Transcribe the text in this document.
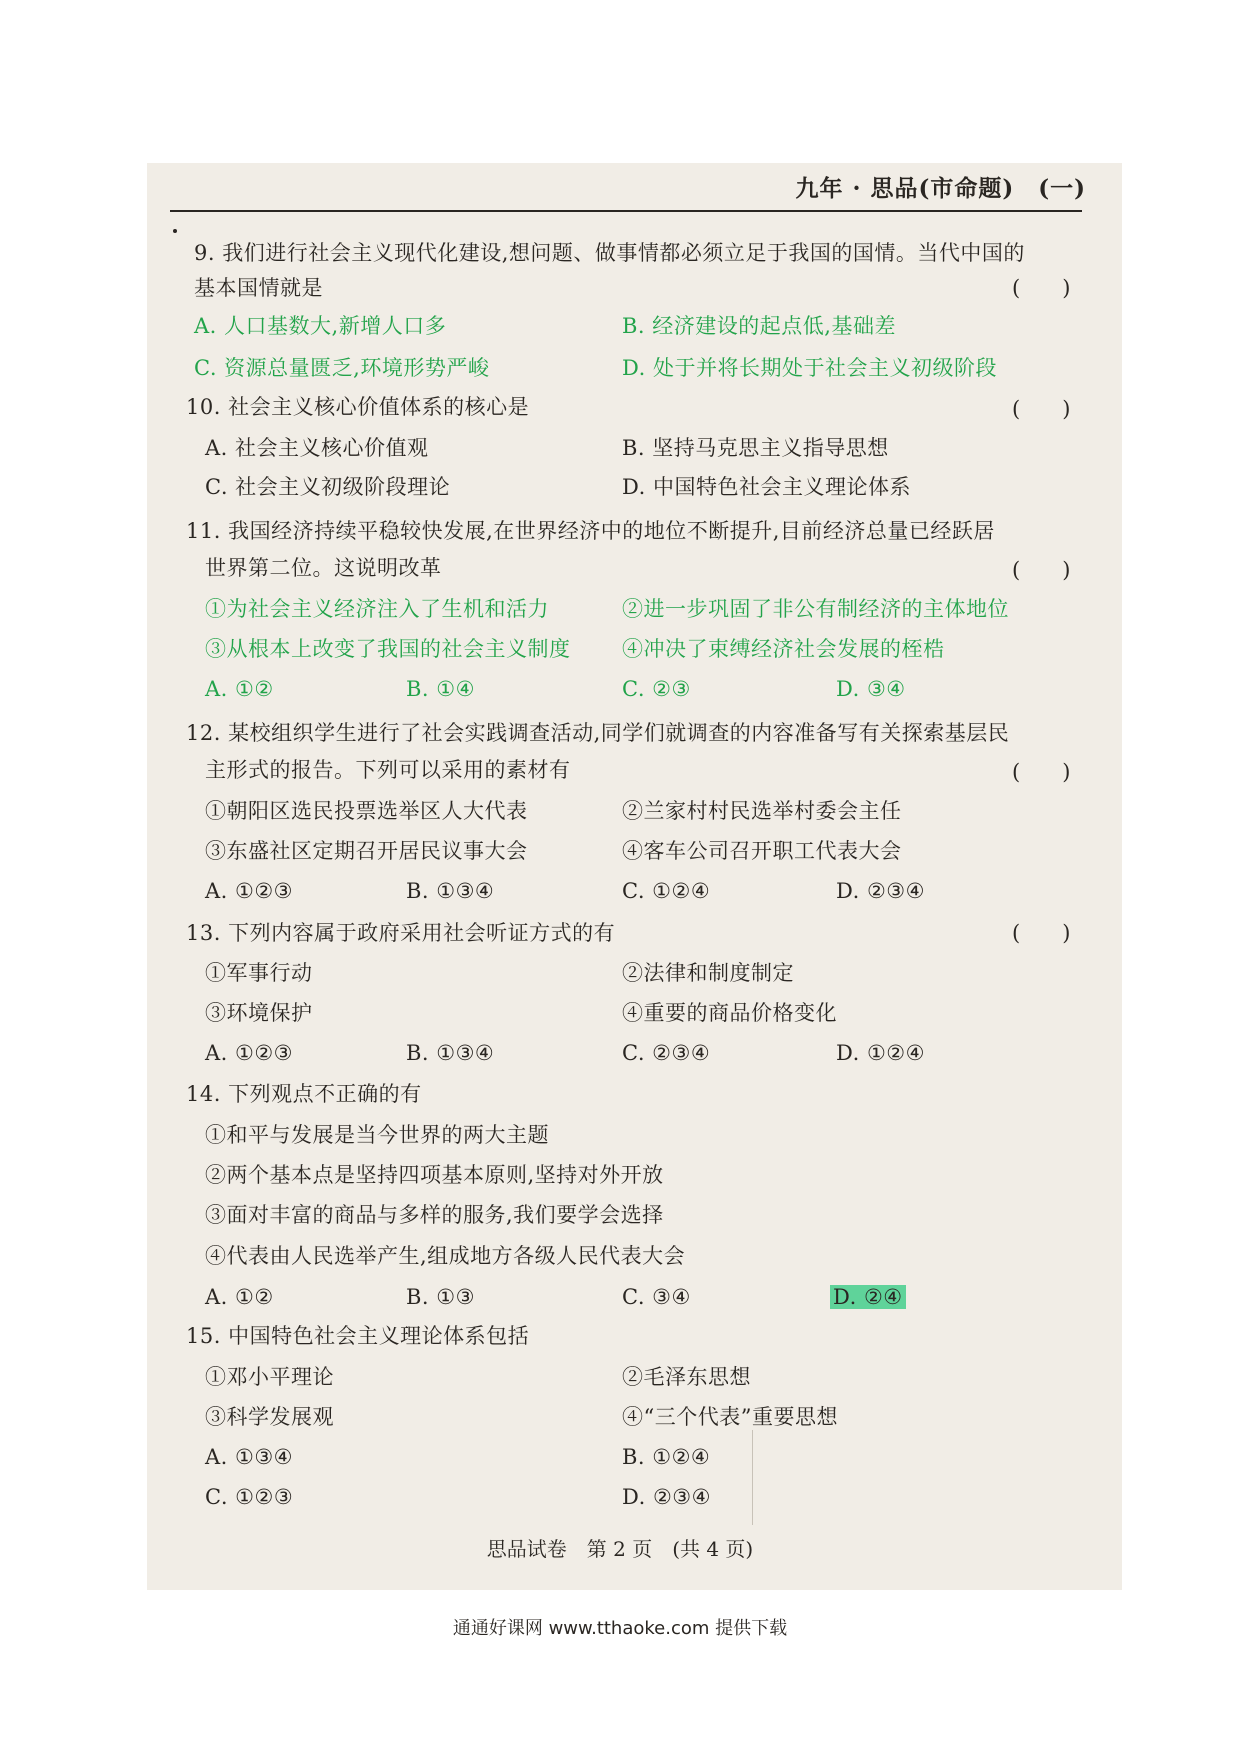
九年 · 思品(市命题)　(一)
9. 我们进行社会主义现代化建设,想问题、做事情都必须立足于我国的国情。当代中国的
基本国情就是	(　　)
A. 人口基数大,新增人口多	B. 经济建设的起点低,基础差
C. 资源总量匮乏,环境形势严峻	D. 处于并将长期处于社会主义初级阶段
10. 社会主义核心价值体系的核心是	(　　)
A. 社会主义核心价值观	B. 坚持马克思主义指导思想
C. 社会主义初级阶段理论	D. 中国特色社会主义理论体系
11. 我国经济持续平稳较快发展,在世界经济中的地位不断提升,目前经济总量已经跃居
世界第二位。这说明改革	(　　)
①为社会主义经济注入了生机和活力	②进一步巩固了非公有制经济的主体地位
③从根本上改变了我国的社会主义制度 ④冲决了束缚经济社会发展的桎梏
A. ①②	B. ①④	C. ②③	D. ③④
12. 某校组织学生进行了社会实践调查活动,同学们就调查的内容准备写有关探索基层民
主形式的报告。下列可以采用的素材有	(　　)
①朝阳区选民投票选举区人大代表	②兰家村村民选举村委会主任
③东盛社区定期召开居民议事大会	④客车公司召开职工代表大会
A. ①②③	B. ①③④	C. ①②④	D. ②③④
13. 下列内容属于政府采用社会听证方式的有	(　　)
①军事行动	②法律和制度制定
③环境保护	④重要的商品价格变化
A. ①②③	B. ①③④	C. ②③④	D. ①②④
14. 下列观点不正确的有
①和平与发展是当今世界的两大主题
②两个基本点是坚持四项基本原则,坚持对外开放
③面对丰富的商品与多样的服务,我们要学会选择
④代表由人民选举产生,组成地方各级人民代表大会
A. ①②	B. ①③	C. ③④	D. ②④
15. 中国特色社会主义理论体系包括
①邓小平理论	②毛泽东思想
③科学发展观	④“三个代表”重要思想
A. ①③④	B. ①②④
C. ①②③	D. ②③④
思品试卷　第 2 页　(共 4 页)
通通好课网 www.tthaoke.com 提供下载
